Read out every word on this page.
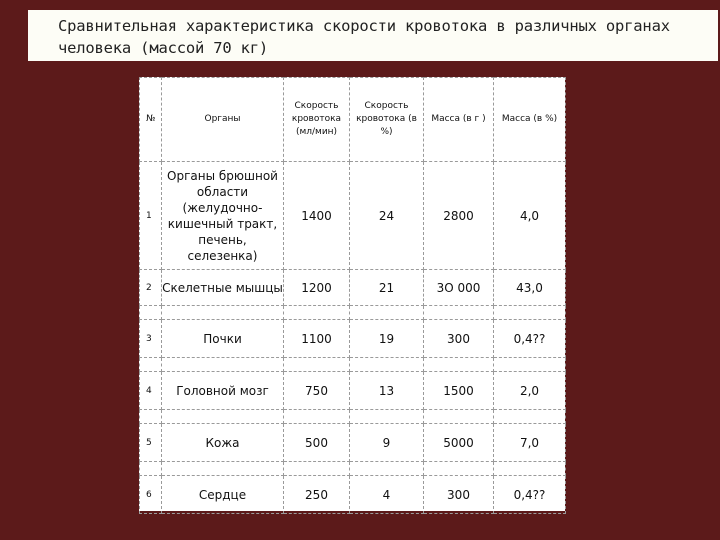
Сравнительная характеристика скорости кровотока в различных органах

человека (массой 70 кг)

№	Органы	Скорость кровотока (мл/мин)	Скорость кровотока (в %)	Масса (в г )	Масса (в %)
1	Органы брюшной области (желудочно-кишечный тракт, печень, селезенка)	1400	24	2800	4,0
2	Скелетные мышцы	1200	21	3О 000	43,0

3	Почки	1100	19	300	0,4??

4	Головной мозг	750	13	1500	2,0

5	Кожа	500	9	5000	7,0

6	Сердце	250	4	300	0,4??
